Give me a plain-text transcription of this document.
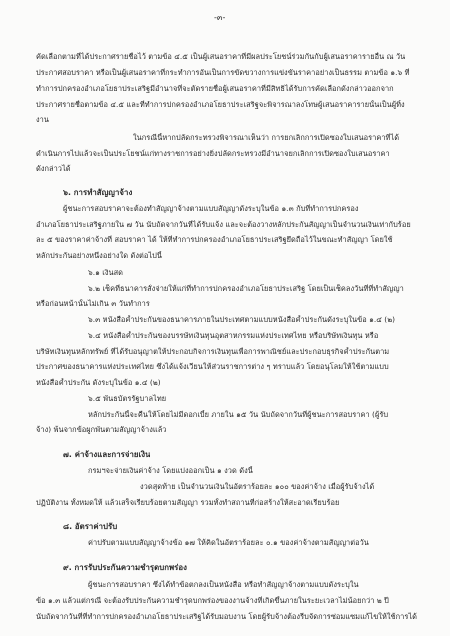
-๓-
คัดเลือกตามที่ได้ประกาศรายชื่อไว้ ตามข้อ ๔.๕ เป็นผู้เสนอราคาที่มีผลประโยชน์ร่วมกันกับผู้เสนอราคารายอื่น ณ วัน
ประกาศสอบราคา หรือเป็นผู้เสนอราคาที่กระทำการอันเป็นการขัดขวางการแข่งขันราคาอย่างเป็นธรรม ตามข้อ ๑.๖ ที่
ทำการปกครองอำเภอโยธาประเสริฐมีอำนาจที่จะตัดรายชื่อผู้เสนอราคาที่มีสิทธิได้รับการคัดเลือกดังกล่าวออกจาก
ประกาศรายชื่อตามข้อ ๔.๕ และที่ทำการปกครองอำเภอโยธาประเสริฐจะพิจารณาลงโทษผู้เสนอราคารายนั้นเป็นผู้ทิ้ง
งาน
ในกรณีนี้หากปลัดกระทรวงพิจารณาเห็นว่า การยกเลิกการเปิดซองใบเสนอราคาที่ได้
ดำเนินการไปแล้วจะเป็นประโยชน์แก่ทางราชการอย่างยิ่งปลัดกระทรวงมีอำนาจยกเลิกการเปิดซองใบเสนอราคา
ดังกล่าวได้
๖. การทำสัญญาจ้าง
ผู้ชนะการสอบราคาจะต้องทำสัญญาจ้างตามแบบสัญญาดังระบุในข้อ ๑.๓ กับที่ทำการปกครอง
อำเภอโยธาประเสริฐภายใน ๗ วัน นับถัดจากวันที่ได้รับแจ้ง และจะต้องวางหลักประกันสัญญาเป็นจำนวนเงินเท่ากับร้อย
ละ ๕ ของราคาค่าจ้างที่ สอบราคา ได้ ให้ที่ทำการปกครองอำเภอโยธาประเสริฐยึดถือไว้ในขณะทำสัญญา โดยใช้
หลักประกันอย่างหนึ่งอย่างใด ดังต่อไปนี้
๖.๑ เงินสด
๖.๒ เช็คที่ธนาคารสั่งจ่ายให้แก่ที่ทำการปกครองอำเภอโยธาประเสริฐ โดยเป็นเช็คลงวันที่ที่ทำสัญญา
หรือก่อนหน้านั้นไม่เกิน ๓ วันทำการ
๖.๓ หนังสือค้ำประกันของธนาคารภายในประเทศตามแบบหนังสือค้ำประกันดังระบุในข้อ ๑.๔ (๒)
๖.๔ หนังสือค้ำประกันของบรรษัทเงินทุนอุตสาหกรรมแห่งประเทศไทย หรือบริษัทเงินทุน หรือ
บริษัทเงินทุนหลักทรัพย์ ที่ได้รับอนุญาตให้ประกอบกิจการเงินทุนเพื่อการพาณิชย์และประกอบธุรกิจค้ำประกันตาม
ประกาศของธนาคารแห่งประเทศไทย ซึ่งได้แจ้งเวียนให้ส่วนราชการต่าง ๆ ทราบแล้ว โดยอนุโลมให้ใช้ตามแบบ
หนังสือค้ำประกัน ดังระบุในข้อ ๑.๔ (๒)
๖.๕ พันธบัตรรัฐบาลไทย
หลักประกันนี้จะคืนให้โดยไม่มีดอกเบี้ย ภายใน ๑๕ วัน นับถัดจากวันที่ผู้ชนะการสอบราคา (ผู้รับ
จ้าง) พ้นจากข้อผูกพันตามสัญญาจ้างแล้ว
๗. ค่าจ้างและการจ่ายเงิน
กรมฯจะจ่ายเงินค่าจ้าง โดยแบ่งออกเป็น ๑ งวด ดังนี้
งวดสุดท้าย เป็นจำนวนเงินในอัตราร้อยละ ๑๐๐ ของค่าจ้าง เมื่อผู้รับจ้างได้
ปฏิบัติงาน ทั้งหมดให้ แล้วเสร็จเรียบร้อยตามสัญญา รวมทั้งทำสถานที่ก่อสร้างให้สะอาดเรียบร้อย
๘. อัตราค่าปรับ
ค่าปรับตามแบบสัญญาจ้างข้อ ๑๗ ให้คิดในอัตราร้อยละ ๐.๑ ของค่าจ้างตามสัญญาต่อวัน
๙. การรับประกันความชำรุดบกพร่อง
ผู้ชนะการสอบราคา ซึ่งได้ทำข้อตกลงเป็นหนังสือ หรือทำสัญญาจ้างตามแบบดังระบุใน
ข้อ ๑.๓ แล้วแต่กรณี จะต้องรับประกันความชำรุดบกพร่องของงานจ้างที่เกิดขึ้นภายในระยะเวลาไม่น้อยกว่า ๒ ปี
นับถัดจากวันที่ที่ทำการปกครองอำเภอโยธาประเสริฐได้รับมอบงาน โดยผู้รับจ้างต้องรีบจัดการซ่อมแซมแก้ไขให้ใช้การได้
